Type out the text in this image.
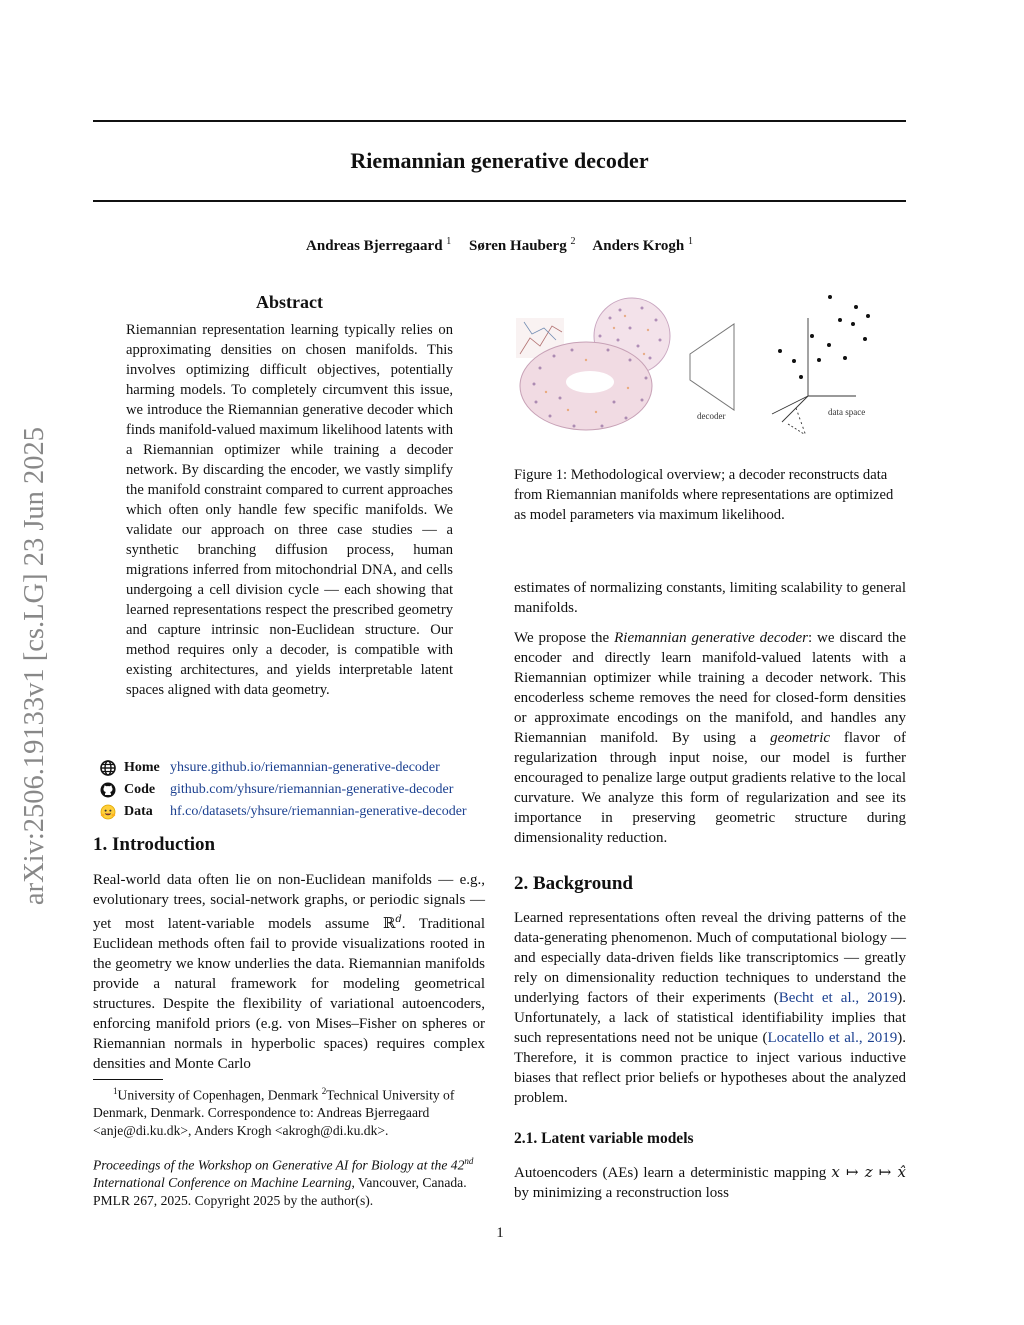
Riemannian generative decoder
Andreas Bjerregaard $^1$ Søren Hauberg $^2$ Anders Krogh $^1$
arXiv:2506.19133v1 [cs.LG] 23 Jun 2025
Abstract

Riemannian representation learning typically relies on approximating densities on chosen manifolds. This involves optimizing difficult objectives, potentially harming models. To completely circumvent this issue, we introduce the Riemannian generative decoder which finds manifold-valued maximum likelihood latents with a Riemannian optimizer while training a decoder network. By discarding the encoder, we vastly simplify the manifold constraint compared to current approaches which often only handle few specific manifolds. We validate our approach on three case studies — a synthetic branching diffusion process, human migrations inferred from mitochondrial DNA, and cells undergoing a cell division cycle — each showing that learned representations respect the prescribed geometry and capture intrinsic non-Euclidean structure. Our method requires only a decoder, is compatible with existing architectures, and yields interpretable latent spaces aligned with data geometry.

Home yhsure.github.io/riemannian-generative-decoder
Code	github.com/yhsure/riemannian-generative-decoder
Data	hf.co/datasets/yhsure/riemannian-generative-decoder
1. Introduction

Real-world data often lie on non-Euclidean manifolds — e.g., evolutionary trees, social-network graphs, or periodic signals — yet most latent-variable models assume ℝ$^d$. Traditional Euclidean methods often fail to provide visualizations rooted in the geometry we know underlies the data. Riemannian manifolds provide a natural framework for modeling geometrical structures. Despite the flexibility of variational autoencoders, enforcing manifold priors (e.g. von Mises–Fisher on spheres or Riemannian normals in hyperbolic spaces) requires complex densities and Monte Carlo

$^1$University of Copenhagen, Denmark $^2$Technical University of Denmark, Denmark. Correspondence to: Andreas Bjerregaard <anje@di.ku.dk>, Anders Krogh <akrogh@di.ku.dk>.

Proceedings of the Workshop on Generative AI for Biology at the 42nd International Conference on Machine Learning, Vancouver, Canada. PMLR 267, 2025. Copyright 2025 by the author(s).

decoder	data space
Figure 1: Methodological overview; a decoder reconstructs data from Riemannian manifolds where representations are optimized as model parameters via maximum likelihood.

estimates of normalizing constants, limiting scalability to general manifolds.

We propose the Riemannian generative decoder: we discard the encoder and directly learn manifold-valued latents with a Riemannian optimizer while training a decoder network. This encoderless scheme removes the need for closed-form densities or approximate encodings on the manifold, and handles any Riemannian manifold. By using a geometric flavor of regularization through input noise, our model is further encouraged to penalize large output gradients relative to the local curvature. We analyze this form of regularization and see its importance in preserving geometric structure during dimensionality reduction.

2. Background

Learned representations often reveal the driving patterns of the data-generating phenomenon. Much of computational biology — and especially data-driven fields like transcriptomics — greatly rely on dimensionality reduction techniques to understand the underlying factors of their experiments (Becht et al., 2019). Unfortunately, a lack of statistical identifiability implies that such representations need not be unique (Locatello et al., 2019). Therefore, it is common practice to inject various inductive biases that reflect prior beliefs or hypotheses about the analyzed problem.

2.1. Latent variable models

Autoencoders (AEs) learn a deterministic mapping x ↦ z ↦ x̂ by minimizing a reconstruction loss

1
